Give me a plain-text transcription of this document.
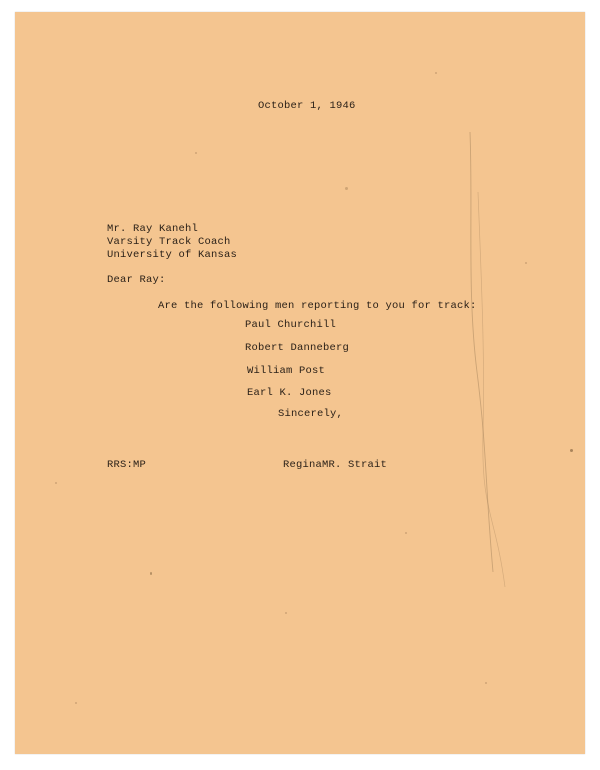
October 1, 1946
Mr. Ray Kanehl
Varsity Track Coach
University of Kansas
Dear Ray:
Are the following men reporting to you for track:
Paul Churchill
Robert Danneberg
William Post
Earl K. Jones
Sincerely,
RRS:MP	ReginaMR. Strait
